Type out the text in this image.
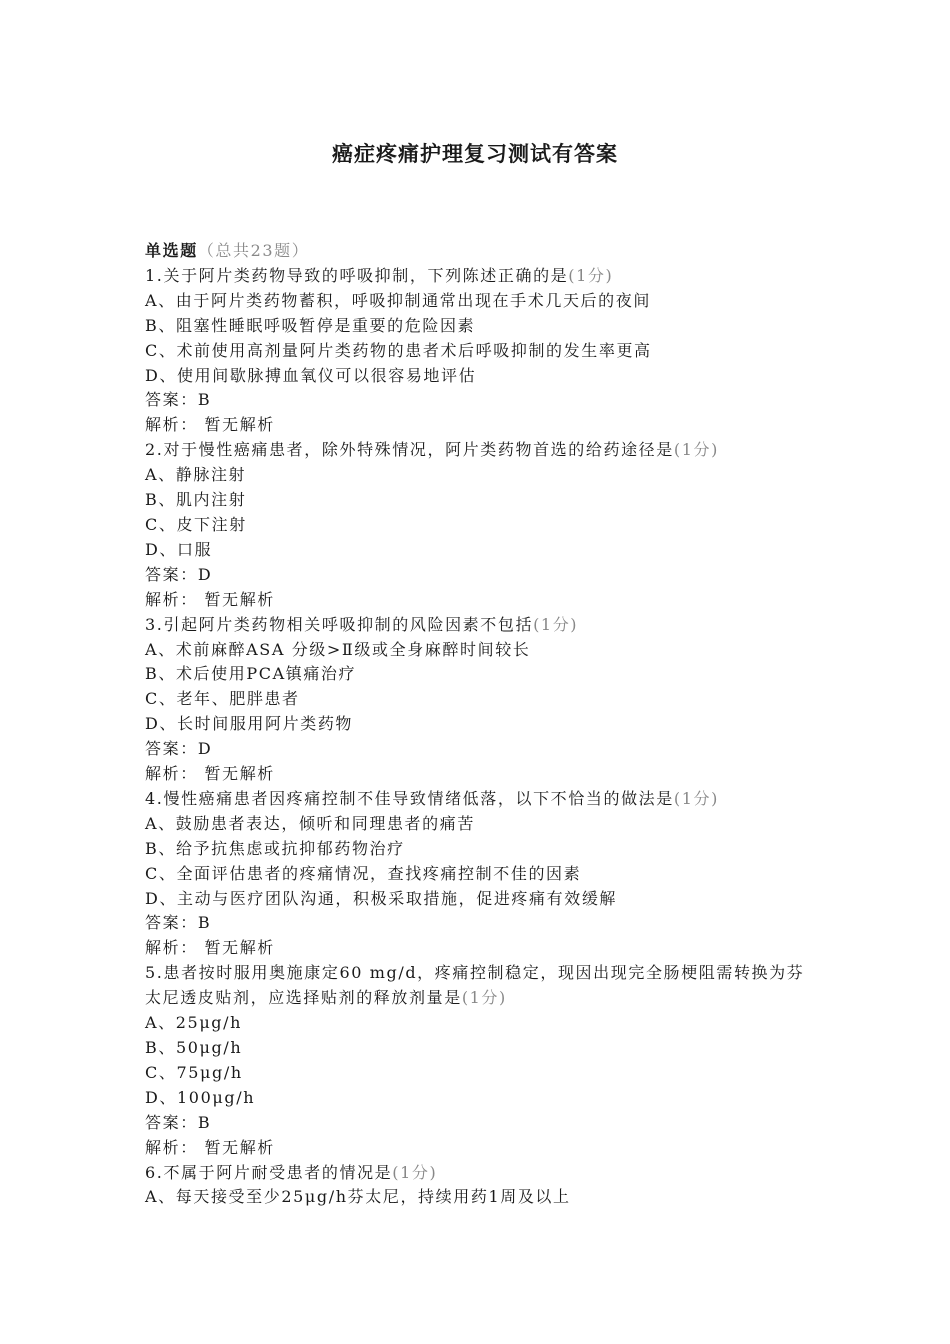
癌症疼痛护理复习测试有答案
单选题（总共23题）
1.关于阿片类药物导致的呼吸抑制，下列陈述正确的是(1分)
A、由于阿片类药物蓄积，呼吸抑制通常出现在手术几天后的夜间
B、阻塞性睡眠呼吸暂停是重要的危险因素
C、术前使用高剂量阿片类药物的患者术后呼吸抑制的发生率更高
D、使用间歇脉搏血氧仪可以很容易地评估
答案：B
解析： 暂无解析
2.对于慢性癌痛患者，除外特殊情况，阿片类药物首选的给药途径是(1分)
A、静脉注射
B、肌内注射
C、皮下注射
D、口服
答案：D
解析： 暂无解析
3.引起阿片类药物相关呼吸抑制的风险因素不包括(1分)
A、术前麻醉ASA 分级>Ⅱ级或全身麻醉时间较长
B、术后使用PCA镇痛治疗
C、老年、肥胖患者
D、长时间服用阿片类药物
答案：D
解析： 暂无解析
4.慢性癌痛患者因疼痛控制不佳导致情绪低落，以下不恰当的做法是(1分)
A、鼓励患者表达，倾听和同理患者的痛苦
B、给予抗焦虑或抗抑郁药物治疗
C、全面评估患者的疼痛情况，查找疼痛控制不佳的因素
D、主动与医疗团队沟通，积极采取措施，促进疼痛有效缓解
答案：B
解析： 暂无解析
5.患者按时服用奥施康定60 mg/d，疼痛控制稳定，现因出现完全肠梗阻需转换为芬太尼透皮贴剂，应选择贴剂的释放剂量是(1分)
A、25μg/h
B、50μg/h
C、75μg/h
D、100μg/h
答案：B
解析： 暂无解析
6.不属于阿片耐受患者的情况是(1分)
A、每天接受至少25μg/h芬太尼，持续用药1周及以上
